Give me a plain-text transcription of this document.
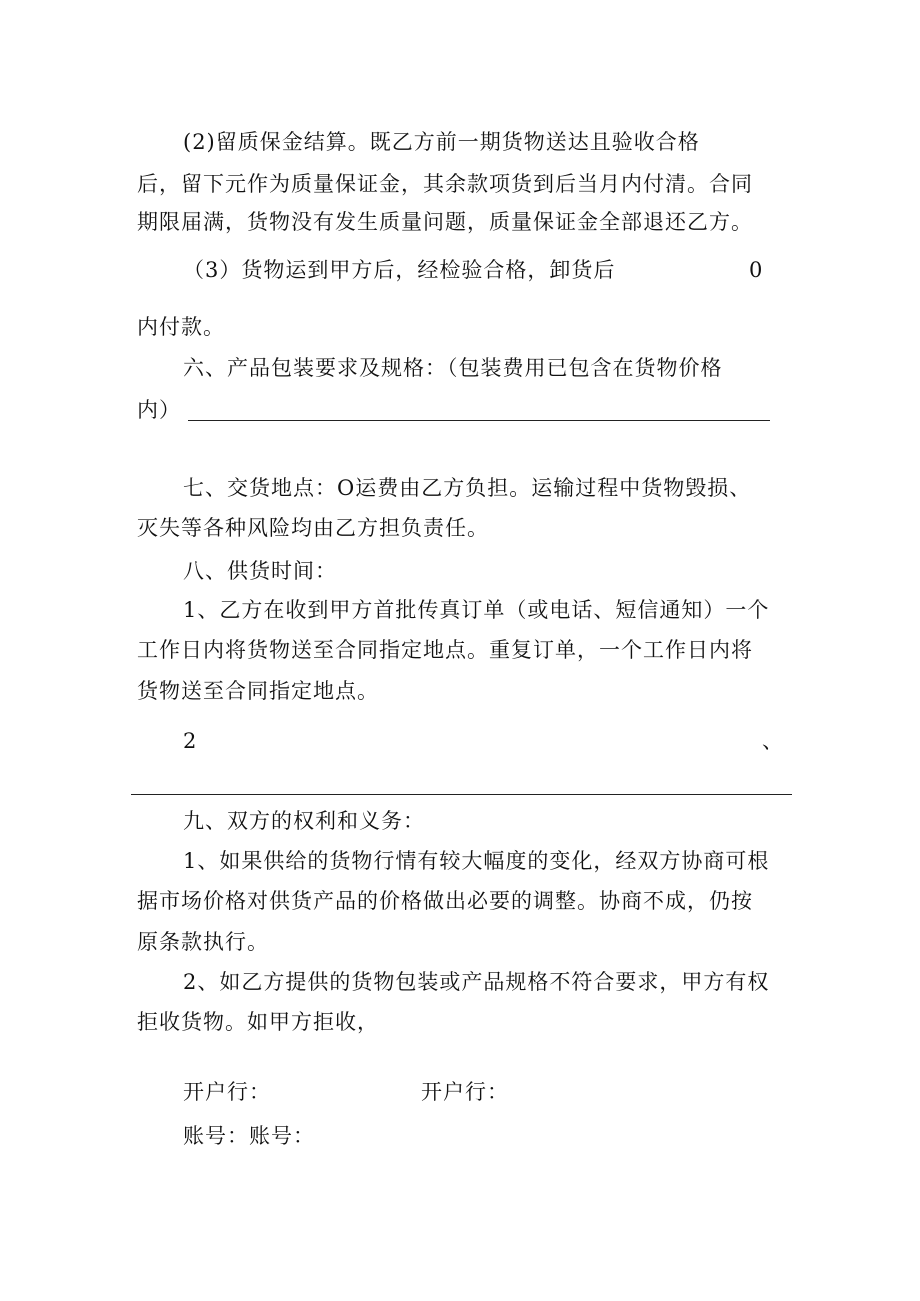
(2)留质保金结算。既乙方前一期货物送达且验收合格
后，留下元作为质量保证金，其余款项货到后当月内付清。合同
期限届满，货物没有发生质量问题，质量保证金全部退还乙方。
（3）货物运到甲方后，经检验合格，卸货后	0
内付款。
六、产品包装要求及规格：（包装费用已包含在货物价格
内）
七、交货地点：O运费由乙方负担。运输过程中货物毁损、
灭失等各种风险均由乙方担负责任。
八、供货时间：
1、乙方在收到甲方首批传真订单（或电话、短信通知）一个
工作日内将货物送至合同指定地点。重复订单，一个工作日内将
货物送至合同指定地点。
2	、
九、双方的权利和义务：
1、如果供给的货物行情有较大幅度的变化，经双方协商可根
据市场价格对供货产品的价格做出必要的调整。协商不成，仍按
原条款执行。
2、如乙方提供的货物包装或产品规格不符合要求，甲方有权
拒收货物。如甲方拒收，
开户行：	开户行：
账号：账号：
